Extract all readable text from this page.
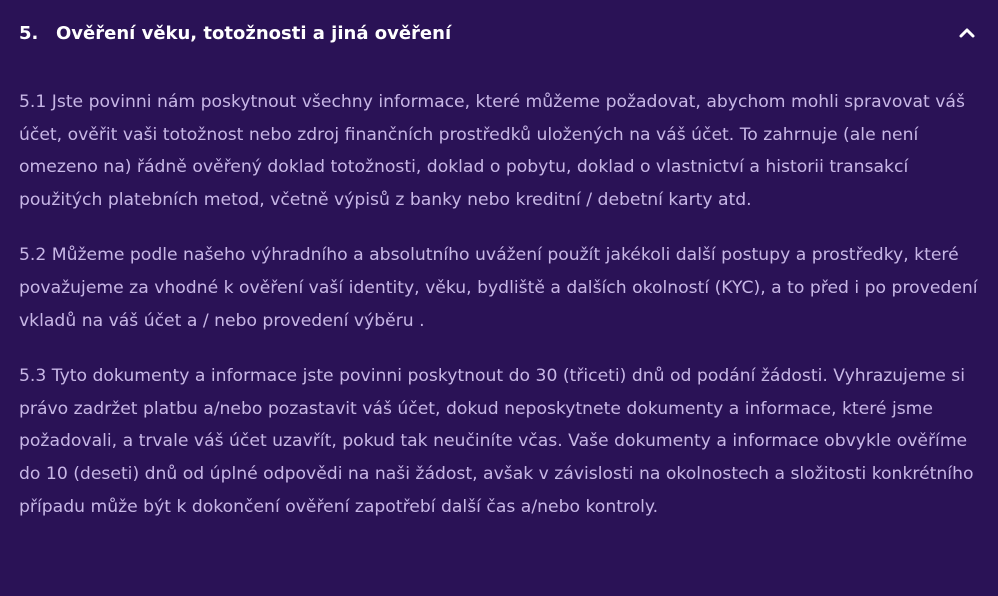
5. Ověření věku, totožnosti a jiná ověření

5.1 Jste povinni nám poskytnout všechny informace, které můžeme požadovat, abychom mohli spravovat váš účet, ověřit vaši totožnost nebo zdroj finančních prostředků uložených na váš účet. To zahrnuje (ale není omezeno na) řádně ověřený doklad totožnosti, doklad o pobytu, doklad o vlastnictví a historii transakcí použitých platebních metod, včetně výpisů z banky nebo kreditní / debetní karty atd.

5.2 Můžeme podle našeho výhradního a absolutního uvážení použít jakékoli další postupy a prostředky, které považujeme za vhodné k ověření vaší identity, věku, bydliště a dalších okolností (KYC), a to před i po provedení vkladů na váš účet a / nebo provedení výběru .

5.3 Tyto dokumenty a informace jste povinni poskytnout do 30 (třiceti) dnů od podání žádosti. Vyhrazujeme si právo zadržet platbu a/nebo pozastavit váš účet, dokud neposkytnete dokumenty a informace, které jsme požadovali, a trvale váš účet uzavřít, pokud tak neučiníte včas. Vaše dokumenty a informace obvykle ověříme do 10 (deseti) dnů od úplné odpovědi na naši žádost, avšak v závislosti na okolnostech a složitosti konkrétního případu může být k dokončení ověření zapotřebí další čas a/nebo kontroly.
